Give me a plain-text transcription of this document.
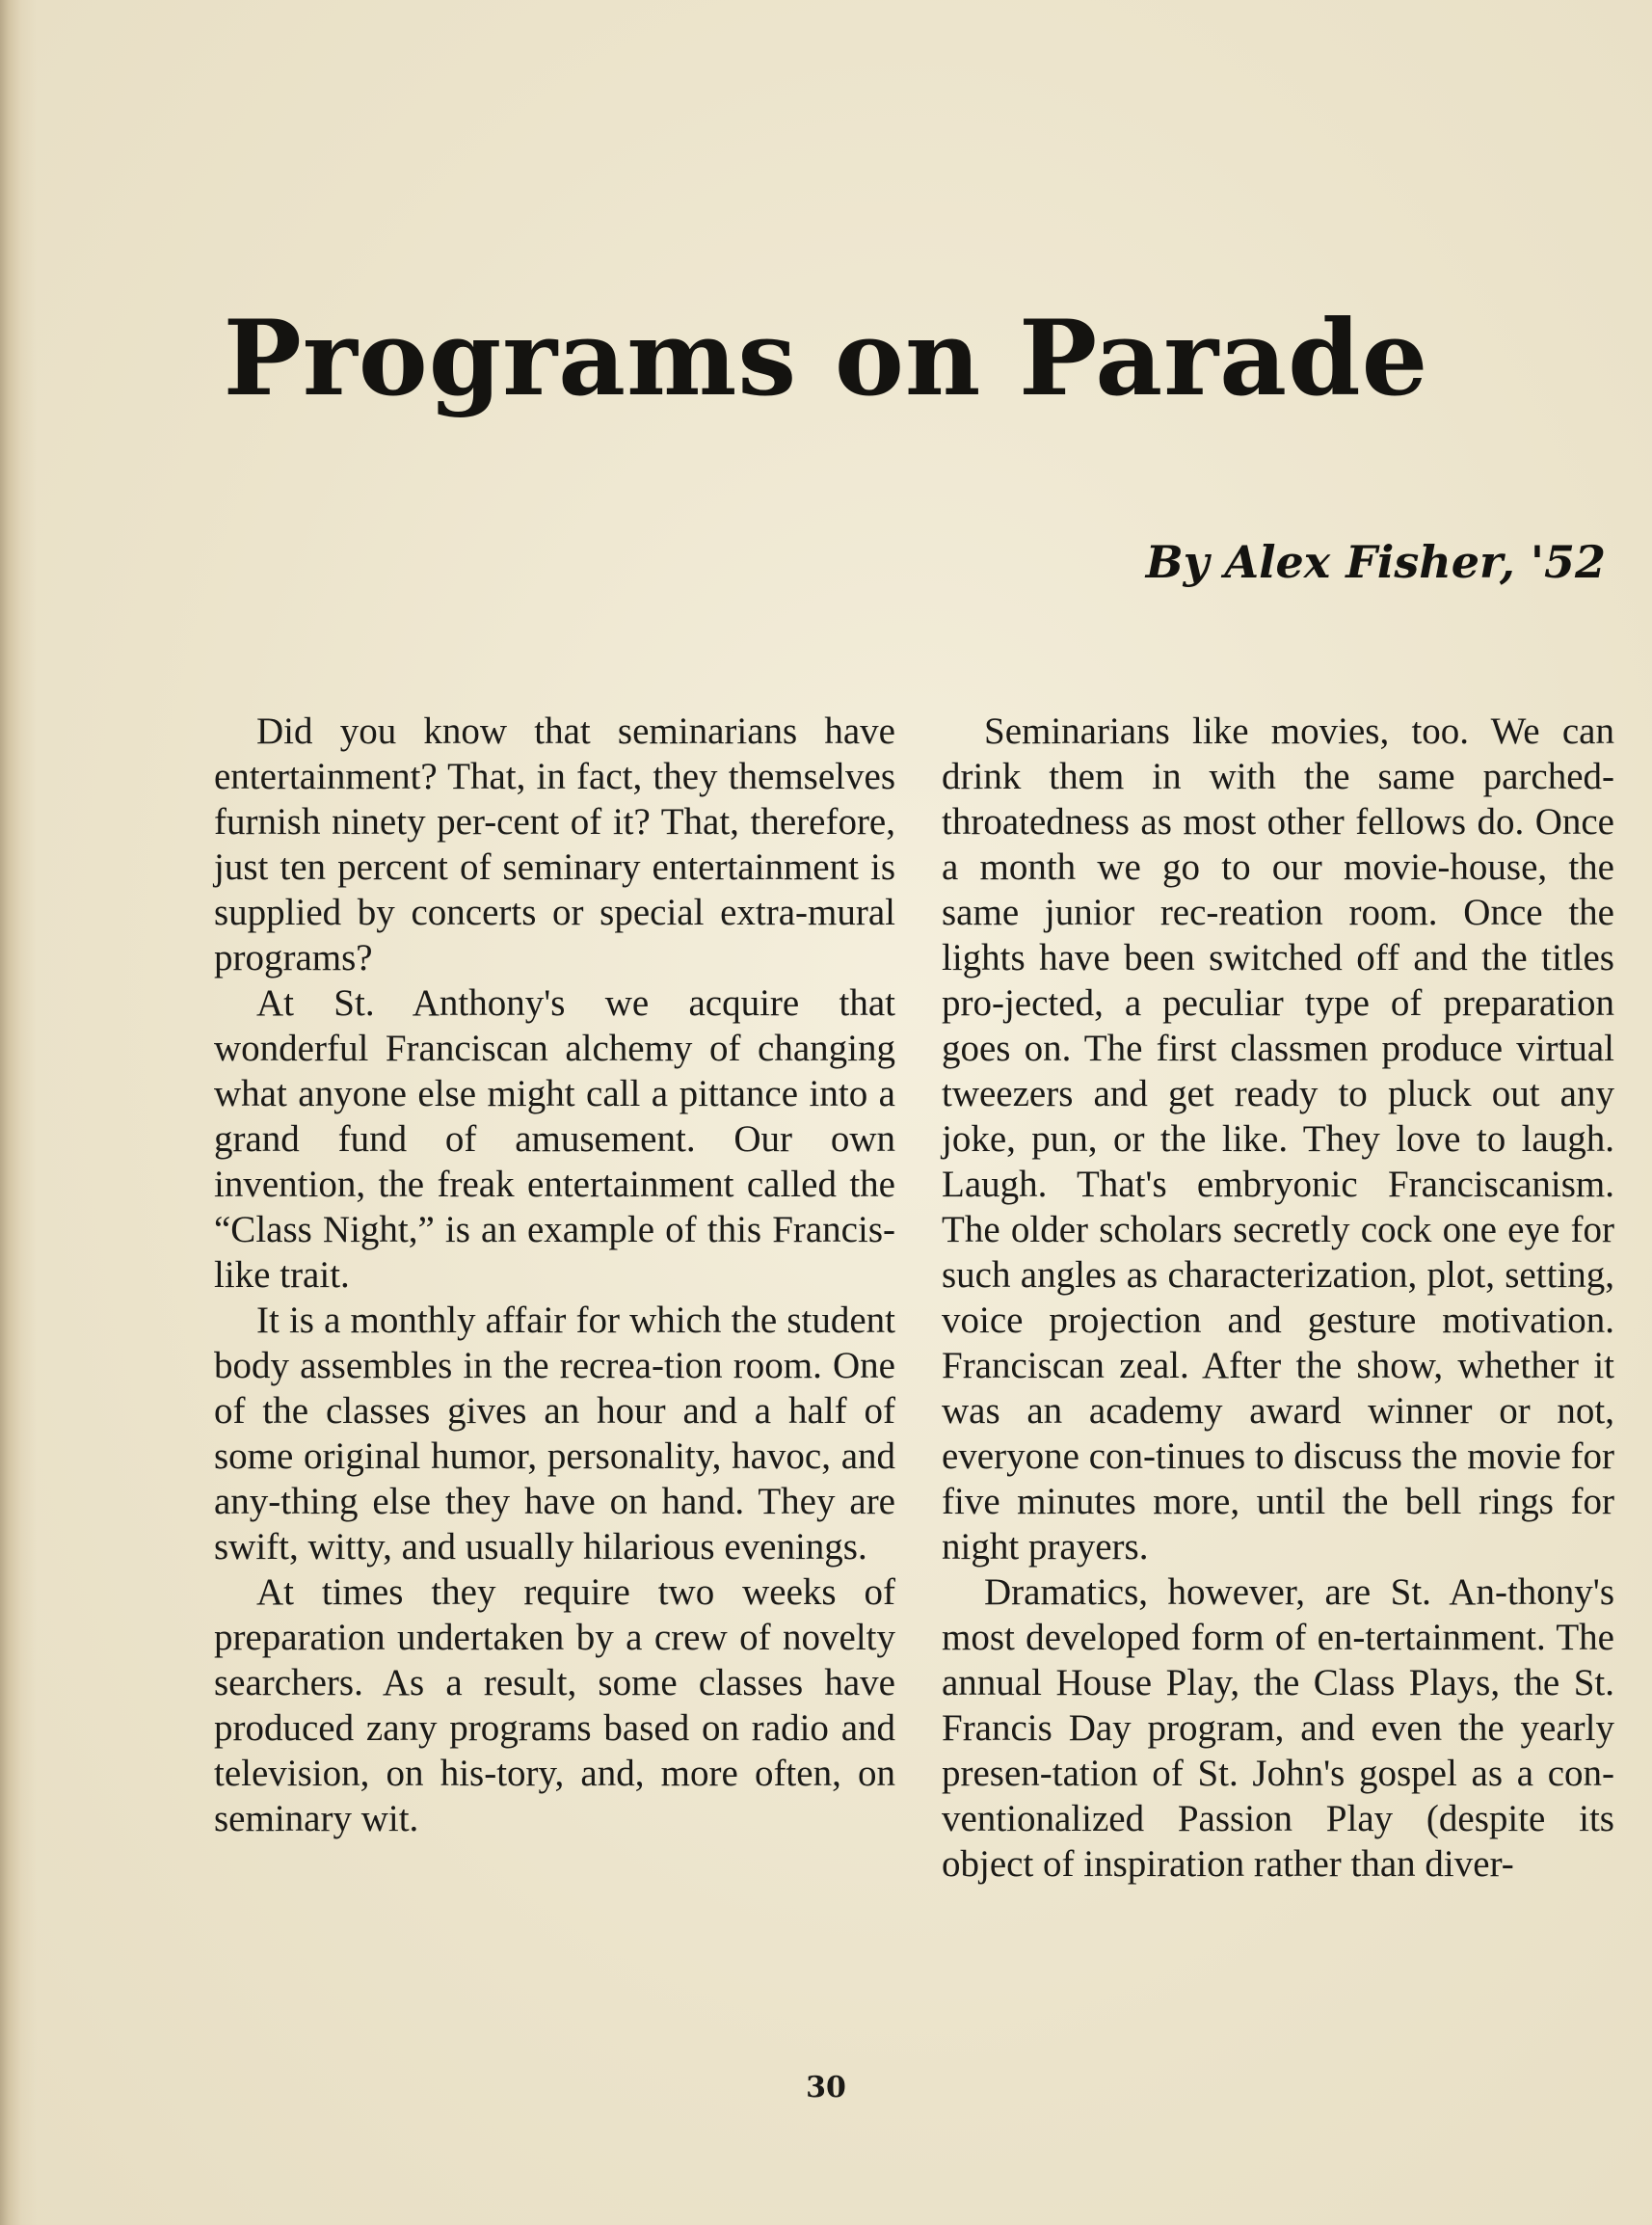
Programs on Parade
By Alex Fisher, '52

Did you know that seminarians have entertainment? That, in fact, they themselves furnish ninety per-cent of it? That, therefore, just ten percent of seminary entertainment is supplied by concerts or special extra-mural programs?

At St. Anthony's we acquire that wonderful Franciscan alchemy of changing what anyone else might call a pittance into a grand fund of amusement. Our own invention, the freak entertainment called the “Class Night,” is an example of this Francis-like trait.

It is a monthly affair for which the student body assembles in the recrea-tion room. One of the classes gives an hour and a half of some original humor, personality, havoc, and any-thing else they have on hand. They are swift, witty, and usually hilarious evenings.

At times they require two weeks of preparation undertaken by a crew of novelty searchers. As a result, some classes have produced zany programs based on radio and television, on his-tory, and, more often, on seminary wit.

Seminarians like movies, too. We can drink them in with the same parched-throatedness as most other fellows do. Once a month we go to our movie-house, the same junior rec-reation room. Once the lights have been switched off and the titles pro-jected, a peculiar type of preparation goes on. The first classmen produce virtual tweezers and get ready to pluck out any joke, pun, or the like. They love to laugh. Laugh. That's embryonic Franciscanism. The older scholars secretly cock one eye for such angles as characterization, plot, setting, voice projection and gesture motivation. Franciscan zeal. After the show, whether it was an academy award winner or not, everyone con-tinues to discuss the movie for five minutes more, until the bell rings for night prayers.

Dramatics, however, are St. An-thony's most developed form of en-tertainment. The annual House Play, the Class Plays, the St. Francis Day program, and even the yearly presen-tation of St. John's gospel as a con-ventionalized Passion Play (despite its object of inspiration rather than diver-

30
